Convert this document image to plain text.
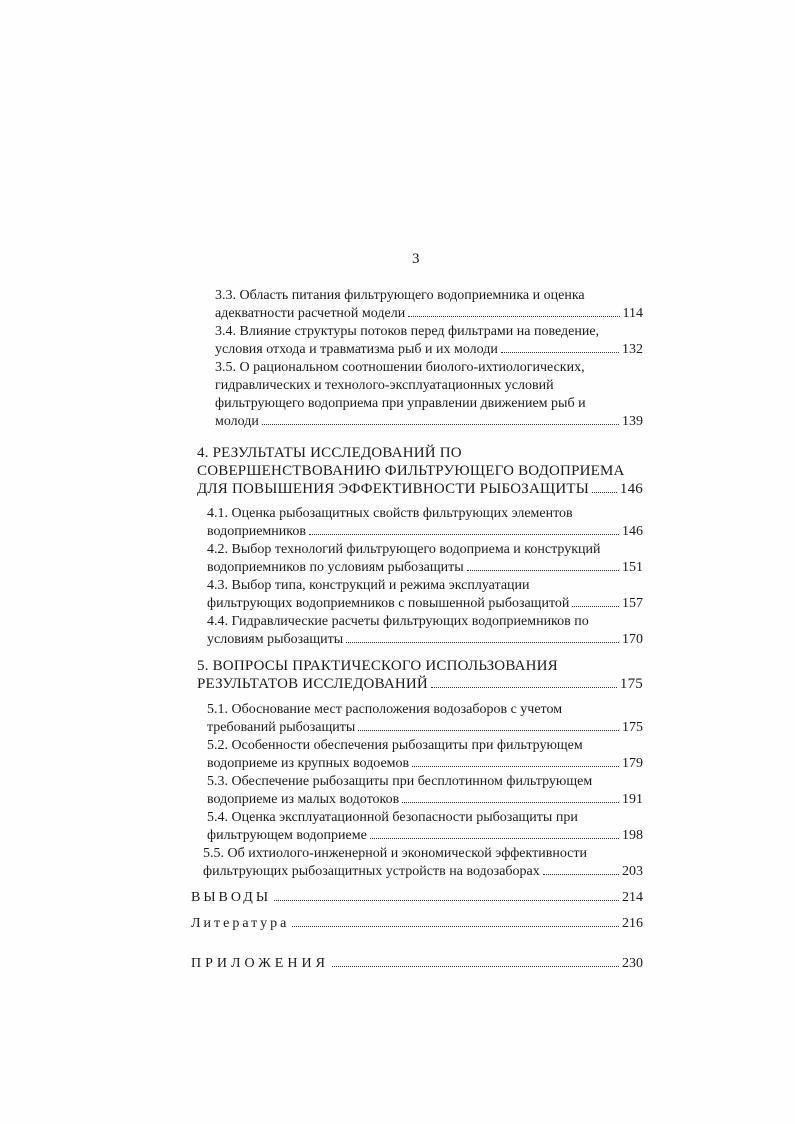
3
3.3. Область питания фильтрующего водоприемника и оценка
адекватности расчетной модели	114
3.4. Влияние структуры потоков перед фильтрами на поведение,
условия отхода и травматизма рыб и их молоди	132
3.5. О рациональном соотношении биолого-ихтиологических,
гидравлических и технолого-эксплуатационных условий
фильтрующего водоприема при управлении движением рыб и
молоди	139
4. РЕЗУЛЬТАТЫ ИССЛЕДОВАНИЙ ПО
СОВЕРШЕНСТВОВАНИЮ ФИЛЬТРУЮЩЕГО ВОДОПРИЕМА
ДЛЯ ПОВЫШЕНИЯ ЭФФЕКТИВНОСТИ РЫБОЗАЩИТЫ 146
4.1. Оценка рыбозащитных свойств фильтрующих элементов
водоприемников	146
4.2. Выбор технологий фильтрующего водоприема и конструкций
водоприемников по условиям рыбозащиты	151
4.3. Выбор типа, конструкций и режима эксплуатации
фильтрующих водоприемников с повышенной рыбозащитой	157
4.4. Гидравлические расчеты фильтрующих водоприемников по
условиям рыбозащиты	170
5. ВОПРОСЫ ПРАКТИЧЕСКОГО ИСПОЛЬЗОВАНИЯ
РЕЗУЛЬТАТОВ ИССЛЕДОВАНИЙ	175
5.1. Обоснование мест расположения водозаборов с учетом
требований рыбозащиты	175
5.2. Особенности обеспечения рыбозащиты при фильтрующем
водоприеме из крупных водоемов	179
5.3. Обеспечение рыбозащиты при бесплотинном фильтрующем
водоприеме из малых водотоков	191
5.4. Оценка эксплуатационной безопасности рыбозащиты при
фильтрующем водоприеме	198
5.5. Об ихтиолого-инженерной и экономической эффективности
фильтрующих рыбозащитных устройств на водозаборах	203
ВЫВОДЫ	214
Литература	216
ПРИЛОЖЕНИЯ	230
